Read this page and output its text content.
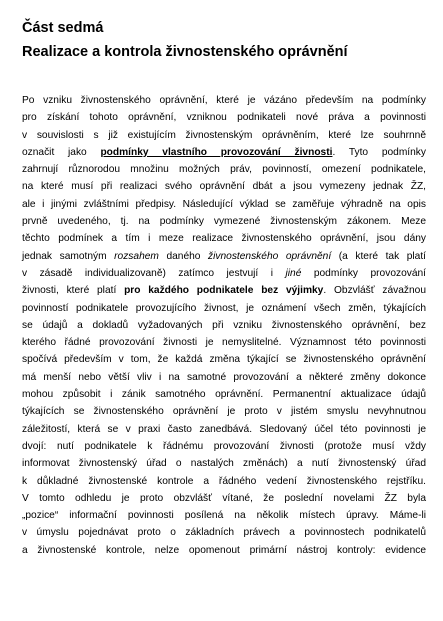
Část sedmá
Realizace a kontrola živnostenského oprávnění
Po vzniku živnostenského oprávnění, které je vázáno především na podmínky
pro získání tohoto oprávnění, vzniknou podnikateli nové práva a povinnosti
v souvislosti s již existujícím živnostenským oprávněním, které lze souhrnně
označit jako podmínky vlastního provozování živnosti. Tyto podmínky
zahrnují různorodou množinu možných práv, povinností, omezení podnikatele,
na které musí při realizaci svého oprávnění dbát a jsou vymezeny jednak ŽZ,
ale i jinými zvláštními předpisy. Následující výklad se zaměřuje výhradně na opis
prvně uvedeného, tj. na podmínky vymezené živnostenským zákonem. Meze
těchto podmínek a tím i meze realizace živnostenského oprávnění, jsou dány
jednak samotným rozsahem daného živnostenského oprávnění (a které tak platí
v zásadě individualizovaně) zatímco jestvují i jiné podmínky provozování
živnosti, které platí pro každého podnikatele bez výjimky. Obzvlášť závažnou
povinností podnikatele provozujícího živnost, je oznámení všech změn, týkajících
se údajů a dokladů vyžadovaných při vzniku živnostenského oprávnění, bez
kterého řádné provozování živnosti je nemyslitelné. Významnost této povinnosti
spočívá především v tom, že každá změna týkající se živnostenského oprávnění
má menší nebo větší vliv i na samotné provozování a některé změny dokonce
mohou způsobit i zánik samotného oprávnění. Permanentní aktualizace údajů
týkajících se živnostenského oprávnění je proto v jistém smyslu nevyhnutnou
záležitostí, která se v praxi často zanedbává. Sledovaný účel této povinnosti je
dvojí: nutí podnikatele k řádnému provozování živnosti (protože musí vždy
informovat živnostenský úřad o nastalých změnách) a nutí živnostenský úřad
k důkladné živnostenské kontrole a řádného vedení živnostenského rejstříku.
V tomto odhledu je proto obzvlášť vítané, že poslední novelami ŽZ byla
„pozice“ informační povinnosti posílená na několik místech úpravy. Máme-li
v úmyslu pojednávat proto o základních právech a povinnostech podnikatelů
a živnostenské kontrole, nelze opomenout primární nástroj kontroly: evidence
